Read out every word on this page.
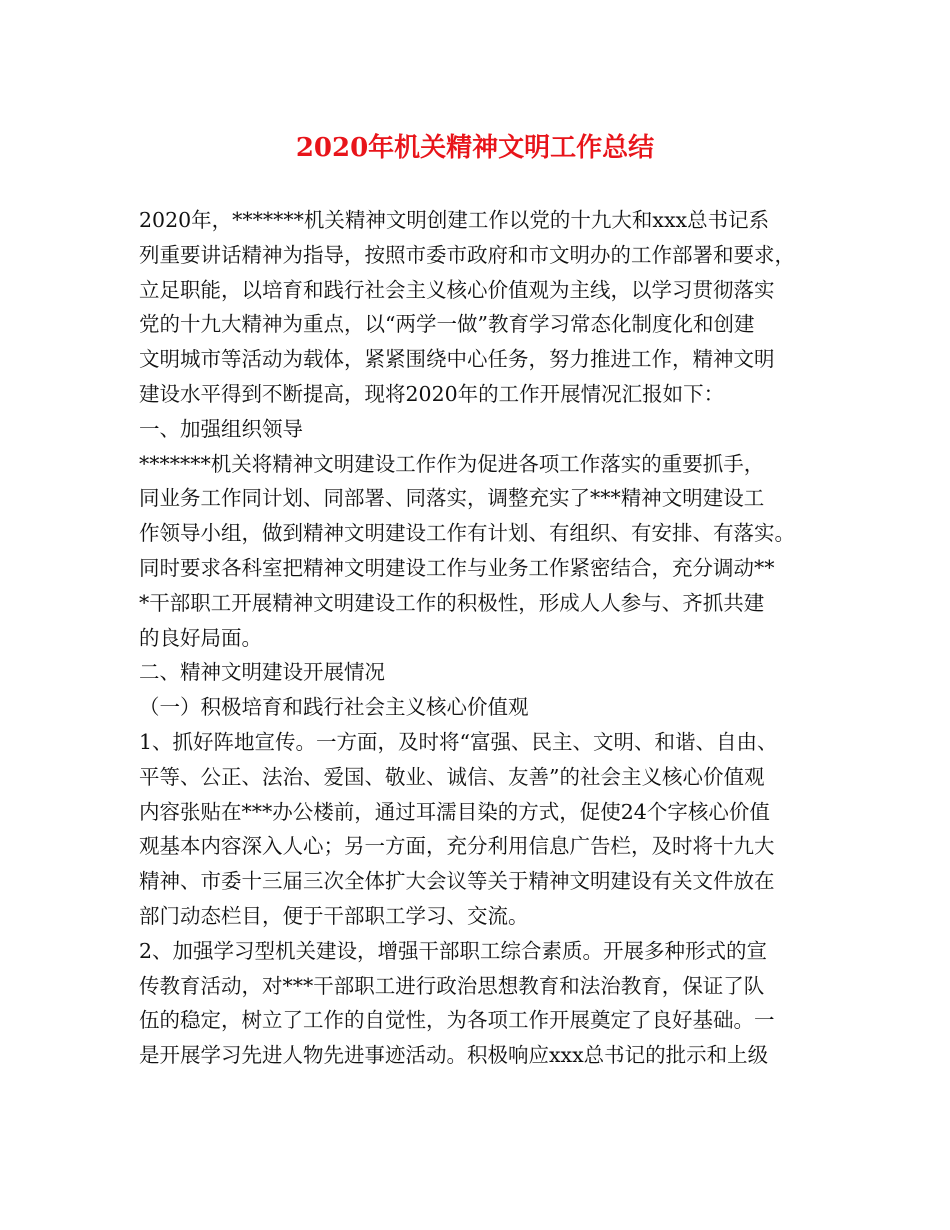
2020年机关精神文明工作总结

2020年，*******机关精神文明创建工作以党的十九大和xxx总书记系

列重要讲话精神为指导，按照市委市政府和市文明办的工作部署和要求，

立足职能，以培育和践行社会主义核心价值观为主线，以学习贯彻落实

党的十九大精神为重点，以“两学一做”教育学习常态化制度化和创建

文明城市等活动为载体，紧紧围绕中心任务，努力推进工作，精神文明

建设水平得到不断提高，现将2020年的工作开展情况汇报如下：

一、加强组织领导

*******机关将精神文明建设工作作为促进各项工作落实的重要抓手，

同业务工作同计划、同部署、同落实，调整充实了***精神文明建设工

作领导小组，做到精神文明建设工作有计划、有组织、有安排、有落实。

同时要求各科室把精神文明建设工作与业务工作紧密结合，充分调动**

*干部职工开展精神文明建设工作的积极性，形成人人参与、齐抓共建

的良好局面。

二、精神文明建设开展情况

（一）积极培育和践行社会主义核心价值观

1、抓好阵地宣传。一方面，及时将“富强、民主、文明、和谐、自由、

平等、公正、法治、爱国、敬业、诚信、友善”的社会主义核心价值观

内容张贴在***办公楼前，通过耳濡目染的方式，促使24个字核心价值

观基本内容深入人心；另一方面，充分利用信息广告栏，及时将十九大

精神、市委十三届三次全体扩大会议等关于精神文明建设有关文件放在

部门动态栏目，便于干部职工学习、交流。

2、加强学习型机关建设，增强干部职工综合素质。开展多种形式的宣

传教育活动，对***干部职工进行政治思想教育和法治教育，保证了队

伍的稳定，树立了工作的自觉性，为各项工作开展奠定了良好基础。一

是开展学习先进人物先进事迹活动。积极响应xxx总书记的批示和上级
